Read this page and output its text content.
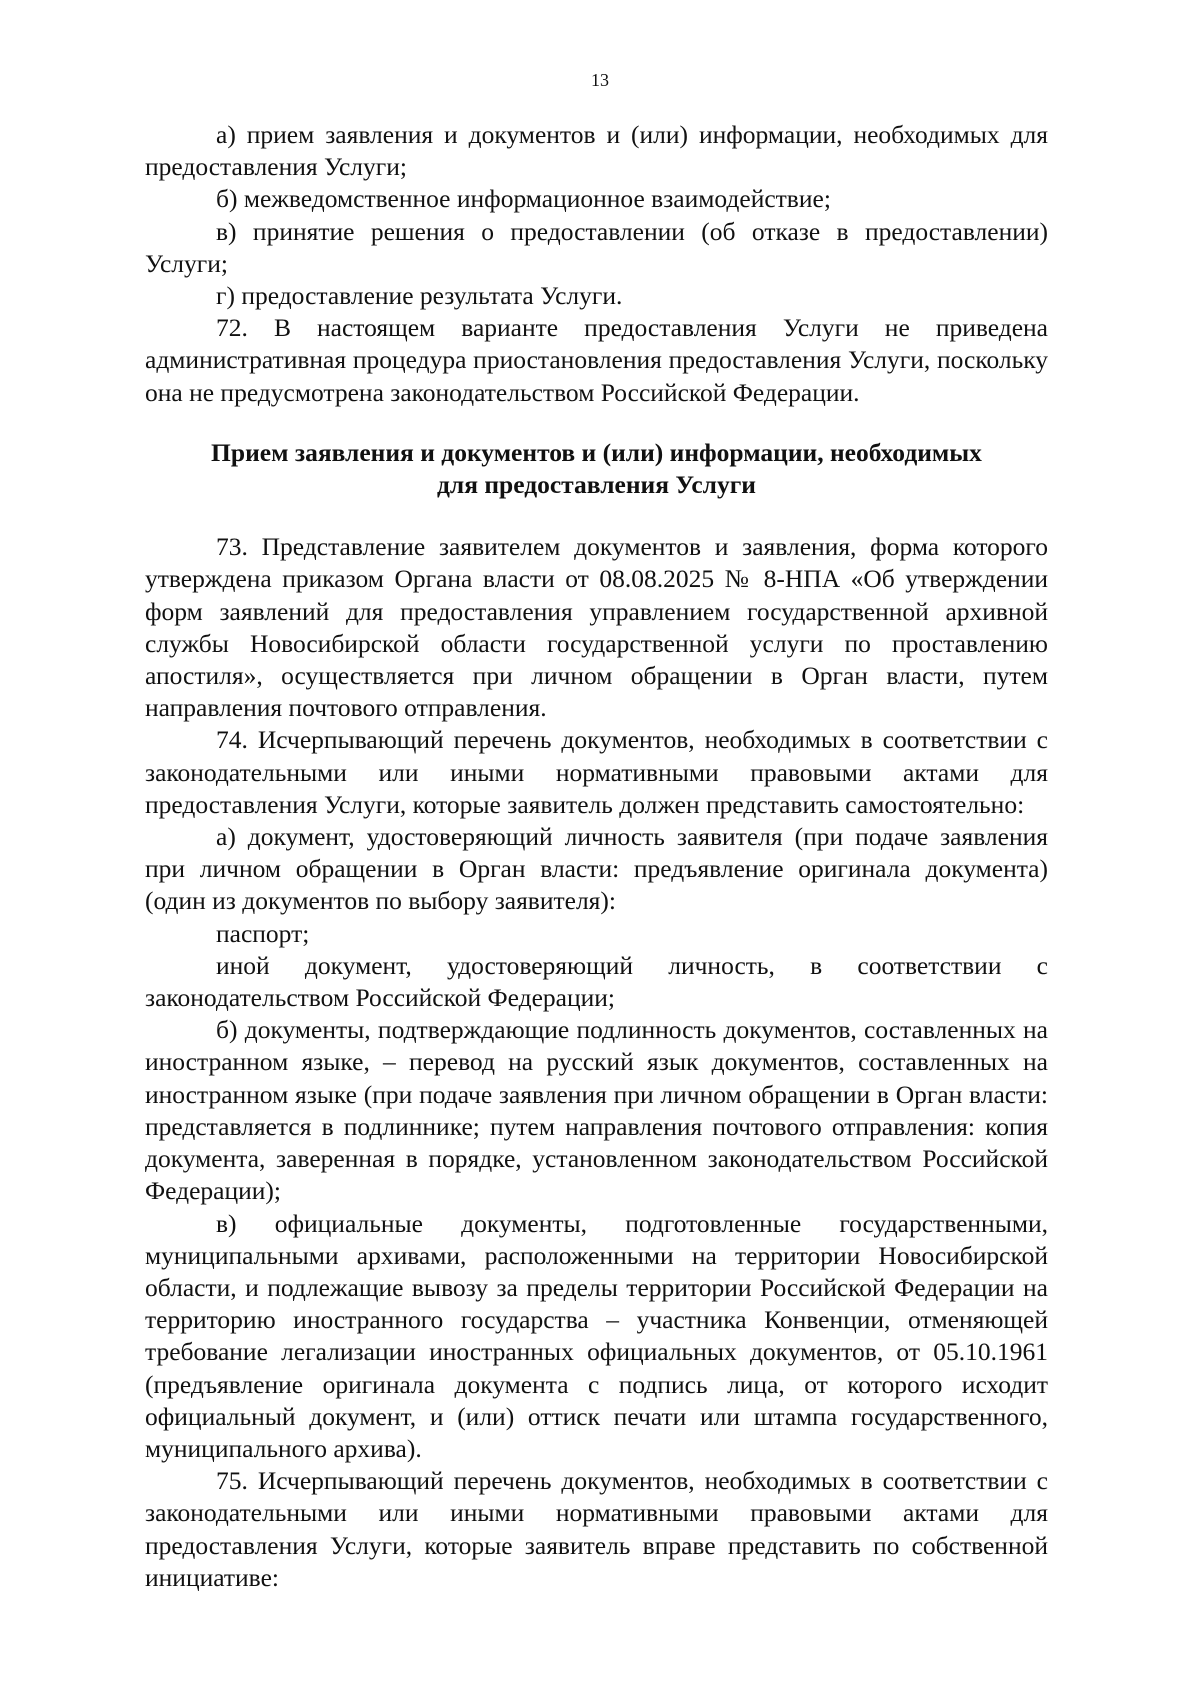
13

а) прием заявления и документов и (или) информации, необходимых для предоставления Услуги;

б) межведомственное информационное взаимодействие;

в) принятие решения о предоставлении (об отказе в предоставлении) Услуги;

г) предоставление результата Услуги.

72. В настоящем варианте предоставления Услуги не приведена административная процедура приостановления предоставления Услуги, поскольку она не предусмотрена законодательством Российской Федерации.

Прием заявления и документов и (или) информации, необходимых
для предоставления Услуги

73. Представление заявителем документов и заявления, форма которого утверждена приказом Органа власти от 08.08.2025 № 8-НПА «Об утверждении форм заявлений для предоставления управлением государственной архивной службы Новосибирской области государственной услуги по проставлению апостиля», осуществляется при личном обращении в Орган власти, путем направления почтового отправления.

74. Исчерпывающий перечень документов, необходимых в соответствии с законодательными или иными нормативными правовыми актами для предоставления Услуги, которые заявитель должен представить самостоятельно:

а) документ, удостоверяющий личность заявителя (при подаче заявления при личном обращении в Орган власти: предъявление оригинала документа) (один из документов по выбору заявителя):

паспорт;

иной документ, удостоверяющий личность, в соответствии с законодательством Российской Федерации;

б) документы, подтверждающие подлинность документов, составленных на иностранном языке, – перевод на русский язык документов, составленных на иностранном языке (при подаче заявления при личном обращении в Орган власти: представляется в подлиннике; путем направления почтового отправления: копия документа, заверенная в порядке, установленном законодательством Российской Федерации);

в) официальные документы, подготовленные государственными, муниципальными архивами, расположенными на территории Новосибирской области, и подлежащие вывозу за пределы территории Российской Федерации на территорию иностранного государства – участника Конвенции, отменяющей требование легализации иностранных официальных документов, от 05.10.1961 (предъявление оригинала документа с подпись лица, от которого исходит официальный документ, и (или) оттиск печати или штампа государственного, муниципального архива).

75. Исчерпывающий перечень документов, необходимых в соответствии с законодательными или иными нормативными правовыми актами для предоставления Услуги, которые заявитель вправе представить по собственной инициативе:
